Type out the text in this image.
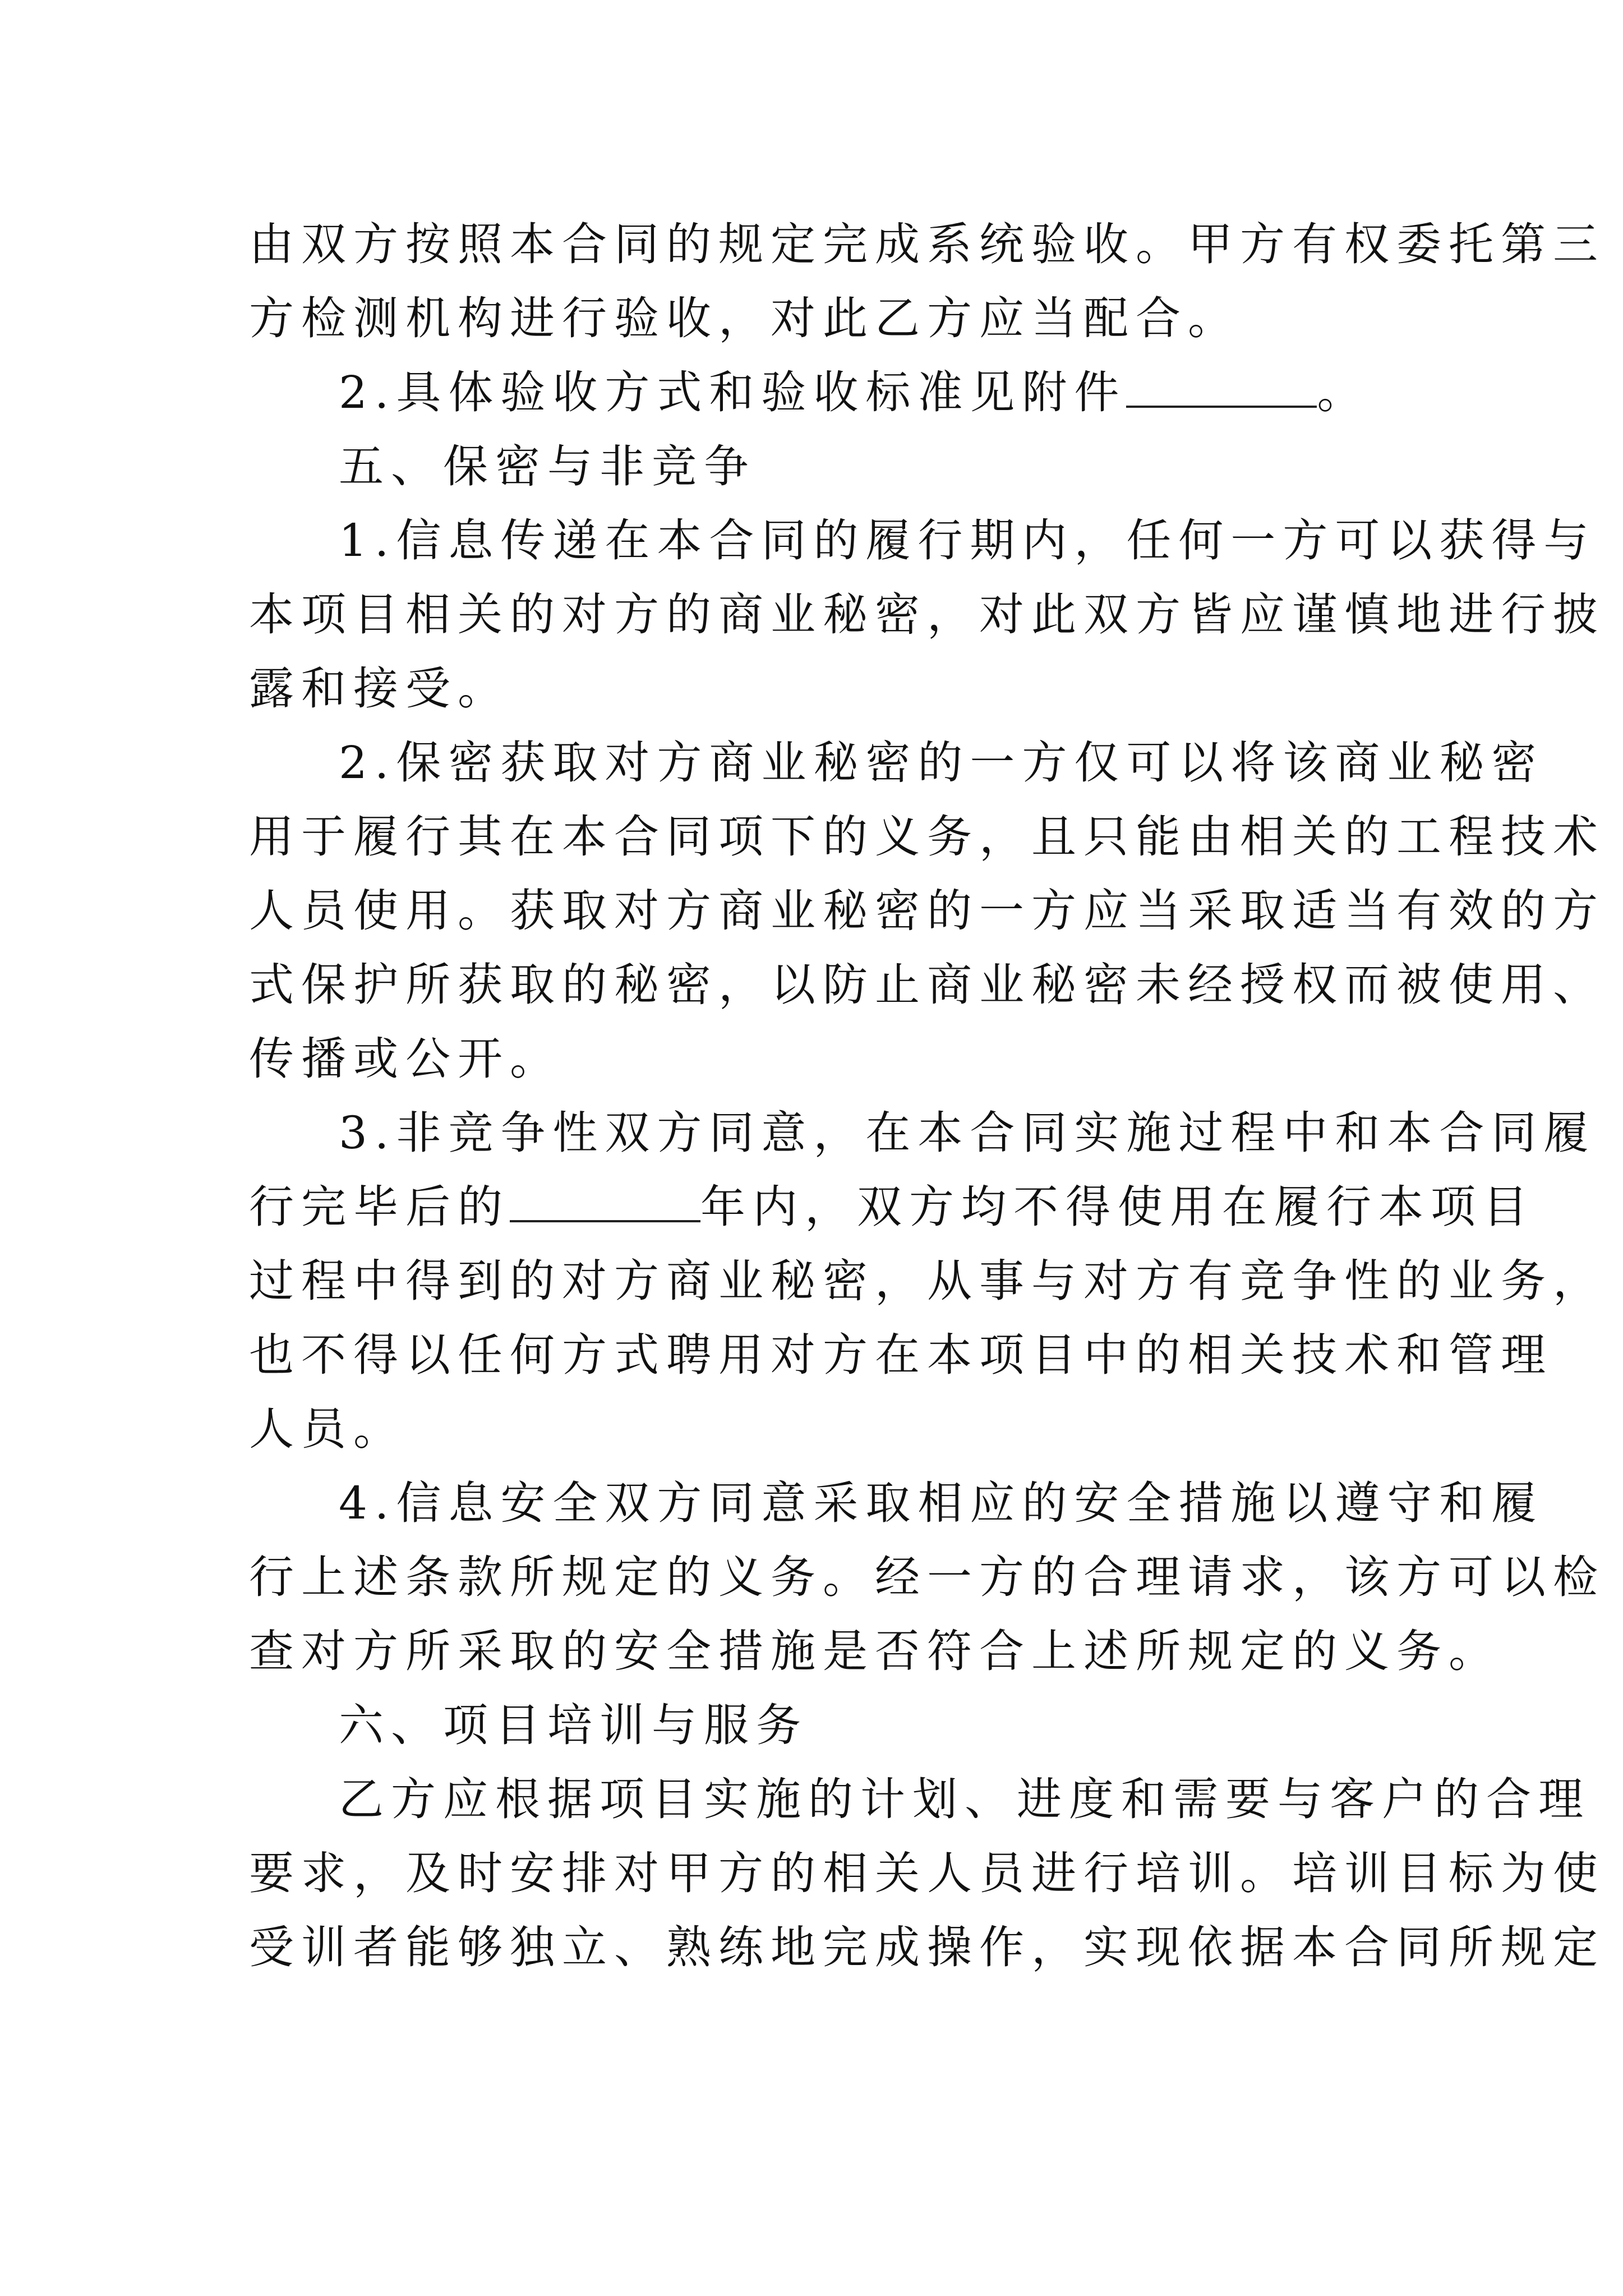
由双方按照本合同的规定完成系统验收。甲方有权委托第三
方检测机构进行验收，对此乙方应当配合。
2.具体验收方式和验收标准见附件	。
五、保密与非竞争
1.信息传递在本合同的履行期内，任何一方可以获得与
本项目相关的对方的商业秘密，对此双方皆应谨慎地进行披
露和接受。
2.保密获取对方商业秘密的一方仅可以将该商业秘密
用于履行其在本合同项下的义务，且只能由相关的工程技术
人员使用。获取对方商业秘密的一方应当采取适当有效的方
式保护所获取的秘密，以防止商业秘密未经授权而被使用、
传播或公开。
3.非竞争性双方同意，在本合同实施过程中和本合同履
行完毕后的	年内，双方均不得使用在履行本项目
过程中得到的对方商业秘密，从事与对方有竞争性的业务，
也不得以任何方式聘用对方在本项目中的相关技术和管理
人员。
4.信息安全双方同意采取相应的安全措施以遵守和履
行上述条款所规定的义务。经一方的合理请求，该方可以检
查对方所采取的安全措施是否符合上述所规定的义务。
六、项目培训与服务
乙方应根据项目实施的计划、进度和需要与客户的合理
要求，及时安排对甲方的相关人员进行培训。培训目标为使
受训者能够独立、熟练地完成操作，实现依据本合同所规定
